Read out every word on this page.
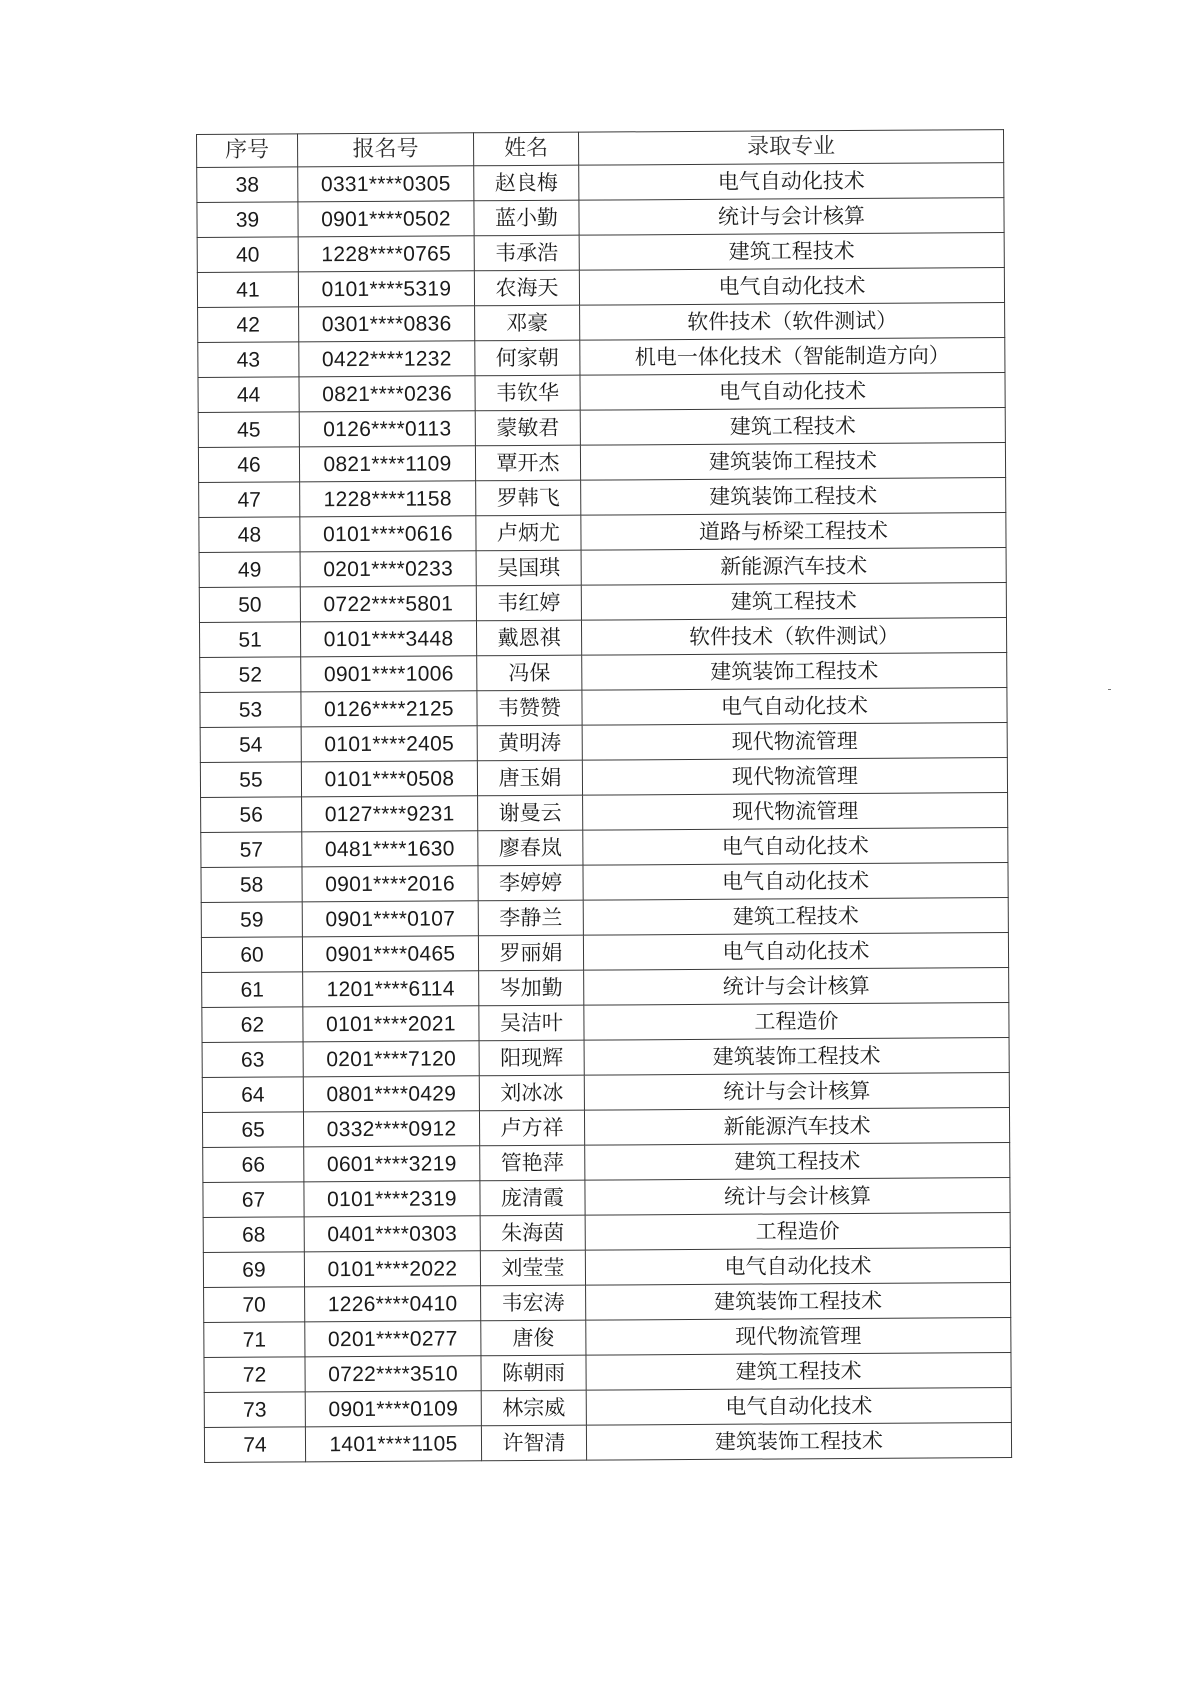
序号	报名号	姓名	录取专业
38	0331****0305	赵良梅	电气自动化技术
39	0901****0502	蓝小勤	统计与会计核算
40	1228****0765	韦承浩	建筑工程技术
41	0101****5319	农海天	电气自动化技术
42	0301****0836	邓豪	软件技术（软件测试）
43	0422****1232	何家朝	机电一体化技术（智能制造方向）
44	0821****0236	韦钦华	电气自动化技术
45	0126****0113	蒙敏君	建筑工程技术
46	0821****1109	覃开杰	建筑装饰工程技术
47	1228****1158	罗韩飞	建筑装饰工程技术
48	0101****0616	卢炳尤	道路与桥梁工程技术
49	0201****0233	吴国琪	新能源汽车技术
50	0722****5801	韦红婷	建筑工程技术
51	0101****3448	戴恩祺	软件技术（软件测试）
52	0901****1006	冯保	建筑装饰工程技术
53	0126****2125	韦赞赞	电气自动化技术
54	0101****2405	黄明涛	现代物流管理
55	0101****0508	唐玉娟	现代物流管理
56	0127****9231	谢曼云	现代物流管理
57	0481****1630	廖春岚	电气自动化技术
58	0901****2016	李婷婷	电气自动化技术
59	0901****0107	李静兰	建筑工程技术
60	0901****0465	罗丽娟	电气自动化技术
61	1201****6114	岑加勤	统计与会计核算
62	0101****2021	吴洁叶	工程造价
63	0201****7120	阳现辉	建筑装饰工程技术
64	0801****0429	刘冰冰	统计与会计核算
65	0332****0912	卢方祥	新能源汽车技术
66	0601****3219	管艳萍	建筑工程技术
67	0101****2319	庞清霞	统计与会计核算
68	0401****0303	朱海茵	工程造价
69	0101****2022	刘莹莹	电气自动化技术
70	1226****0410	韦宏涛	建筑装饰工程技术
71	0201****0277	唐俊	现代物流管理
72	0722****3510	陈朝雨	建筑工程技术
73	0901****0109	林宗威	电气自动化技术
74	1401****1105	许智清	建筑装饰工程技术
